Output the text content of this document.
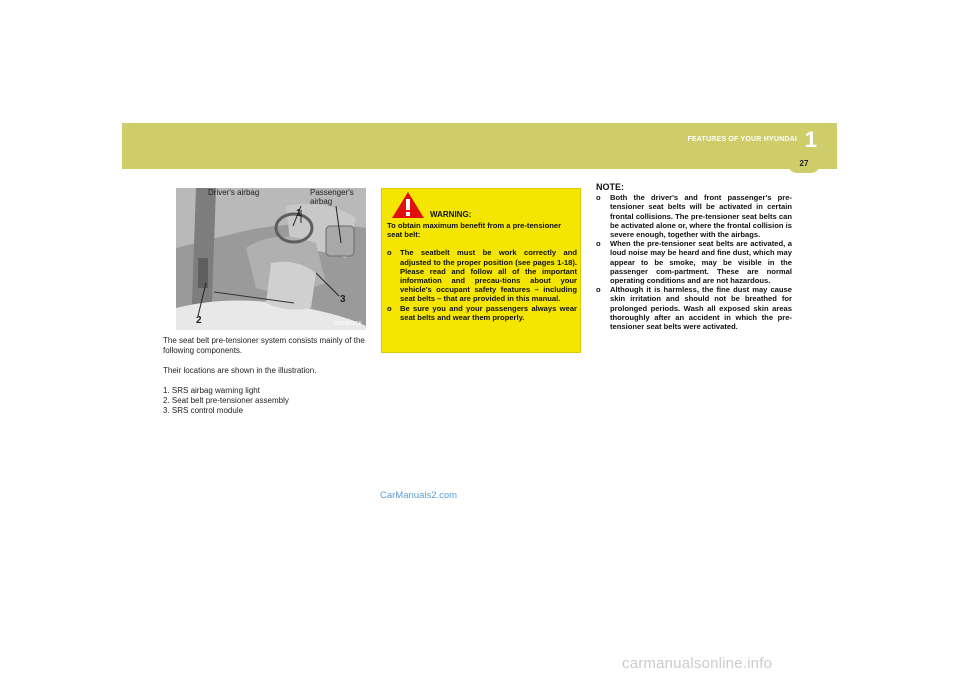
FEATURES OF YOUR HYUNDAI 1
27
Driver's airbag	Passenger's airbag
1
2
3
B180B01GK

The seat belt pre-tensioner system consists mainly of the following components.

Their locations are shown in the illustration.

1. SRS airbag warning light
2. Seat belt pre-tensioner assembly
3. SRS control module
WARNING:

To obtain maximum benefit from a pre-tensioner seat belt:

o The seatbelt must be work correctly and adjusted to the proper position (see pages 1-18). Please read and follow all of the important information and precau-tions about your vehicle's occupant safety features – including seat belts – that are provided in this manual.
o Be sure you and your passengers always wear seat belts and wear them properly.
NOTE:
o Both the driver's and front passenger's pre-tensioner seat belts will be activated in certain frontal collisions. The pre-tensioner seat belts can be activated alone or, where the frontal collision is severe enough, together with the airbags.
o When the pre-tensioner seat belts are activated, a loud noise may be heard and fine dust, which may appear to be smoke, may be visible in the passenger com-partment. These are normal operating conditions and are not hazardous.
o Although it is harmless, the fine dust may cause skin irritation and should not be breathed for prolonged periods. Wash all exposed skin areas thoroughly after an accident in which the pre-tensioner seat belts were activated.
CarManuals2.com
carmanualsonline.info
